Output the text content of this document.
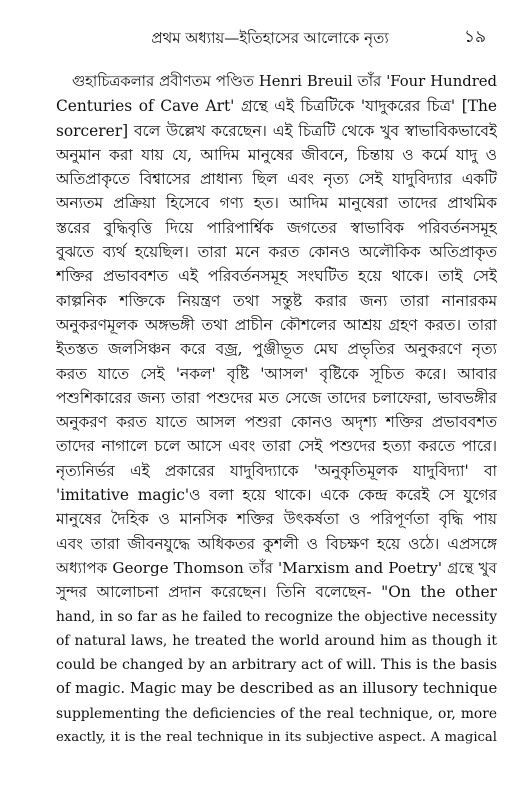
প্রথম অধ্যায়—ইতিহাসের আলোকে নৃত্য	১৯
গুহাচিত্রকলার প্রবীণতম পণ্ডিত Henri Breuil তাঁর 'Four Hundred
Centuries of Cave Art' গ্রন্থে এই চিত্রটিকে 'যাদুকরের চিত্র' [The
sorcerer] বলে উল্লেখ করেছেন। এই চিত্রটি থেকে খুব স্বাভাবিকভাবেই
অনুমান করা যায় যে, আদিম মানুষের জীবনে, চিন্তায় ও কর্মে যাদু ও
অতিপ্রাকৃতে বিশ্বাসের প্রাধান্য ছিল এবং নৃত্য সেই যাদুবিদ্যার একটি
অন্যতম প্রক্রিয়া হিসেবে গণ্য হত। আদিম মানুষেরা তাদের প্রাথমিক
স্তরের বুদ্ধিবৃত্তি দিয়ে পারিপার্শ্বিক জগতের স্বাভাবিক পরিবর্তনসমূহ
বুঝতে ব্যর্থ হয়েছিল। তারা মনে করত কোনও অলৌকিক অতিপ্রাকৃত
শক্তির প্রভাববশত এই পরিবর্তনসমূহ সংঘটিত হয়ে থাকে। তাই সেই
কাল্পনিক শক্তিকে নিয়ন্ত্রণ তথা সন্তুষ্ট করার জন্য তারা নানারকম
অনুকরণমূলক অঙ্গভঙ্গী তথা প্রাচীন কৌশলের আশ্রয় গ্রহণ করত। তারা
ইতস্তত জলসিঞ্চন করে বজ্র, পুঞ্জীভূত মেঘ প্রভৃতির অনুকরণে নৃত্য
করত যাতে সেই 'নকল' বৃষ্টি 'আসল' বৃষ্টিকে সূচিত করে। আবার
পশুশিকারের জন্য তারা পশুদের মত সেজে তাদের চলাফেরা, ভাবভঙ্গীর
অনুকরণ করত যাতে আসল পশুরা কোনও অদৃশ্য শক্তির প্রভাববশত
তাদের নাগালে চলে আসে এবং তারা সেই পশুদের হত্যা করতে পারে।
নৃত্যনির্ভর এই প্রকারের যাদুবিদ্যাকে 'অনুকৃতিমূলক যাদুবিদ্যা' বা
'imitative magic'ও বলা হয়ে থাকে। একে কেন্দ্র করেই সে যুগের
মানুষের দৈহিক ও মানসিক শক্তির উৎকর্ষতা ও পরিপূর্ণতা বৃদ্ধি পায়
এবং তারা জীবনযুদ্ধে অধিকতর কুশলী ও বিচক্ষণ হয়ে ওঠে। এপ্রসঙ্গে
অধ্যাপক George Thomson তাঁর 'Marxism and Poetry' গ্রন্থে খুব
সুন্দর আলোচনা প্রদান করেছেন। তিনি বলেছেন- "On the other
hand, in so far as he failed to recognize the objective necessity
of natural laws, he treated the world around him as though it
could be changed by an arbitrary act of will. This is the basis
of magic. Magic may be described as an illusory technique
supplementing the deficiencies of the real technique, or, more
exactly, it is the real technique in its subjective aspect. A magical
